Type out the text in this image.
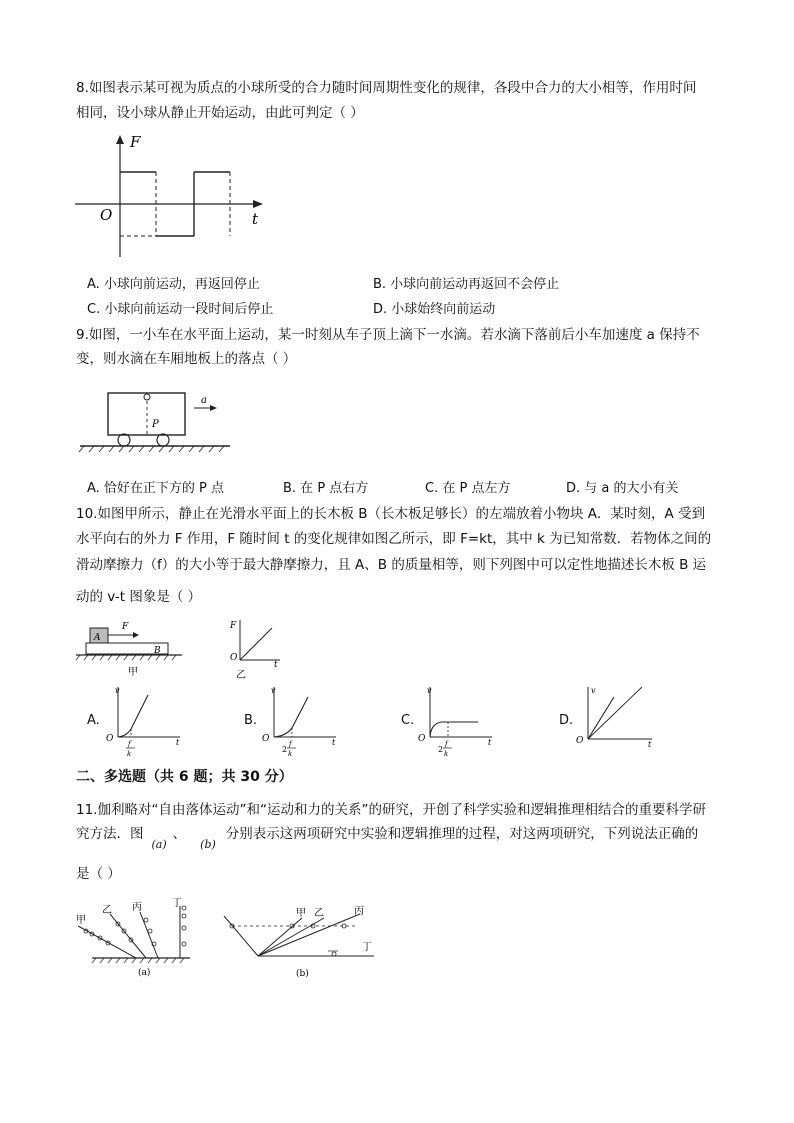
8.如图表示某可视为质点的小球所受的合力随时间周期性变化的规律，各段中合力的大小相等，作用时间
相同，设小球从静止开始运动，由此可判定（ ）
F
O	t
A. 小球向前运动，再返回停止	B. 小球向前运动再返回不会停止
C. 小球向前运动一段时间后停止	D. 小球始终向前运动
9.如图，一小车在水平面上运动，某一时刻从车子顶上滴下一水滴。若水滴下落前后小车加速度 a 保持不
变，则水滴在车厢地板上的落点（ ）
a
P
A. 恰好在正下方的 P 点	B. 在 P 点右方	C. 在 P 点左方	D. 与 a 的大小有关
10.如图甲所示，静止在光滑水平面上的长木板 B（长木板足够长）的左端放着小物块 A．某时刻，A 受到
水平向右的外力 F 作用，F 随时间 t 的变化规律如图乙所示，即 F=kt，其中 k 为已知常数．若物体之间的
滑动摩擦力（f）的大小等于最大静摩擦力，且 A、B 的质量相等，则下列图中可以定性地描述长木板 B 运
动的 v-t 图象是（ ）
A
B
F
甲
F
O
t
乙
A.
v
O	t
f
k
B.
v
O	t
2
f
k
C.
v
O	t
2
f
k
D.
v
O	t
二、多选题（共 6 题；共 30 分）
11.伽利略对“自由落体运动”和“运动和力的关系”的研究，开创了科学实验和逻辑推理相结合的重要科学研
究方法．图(a)、(b)分别表示这两项研究中实验和逻辑推理的过程，对这两项研究，下列说法正确的
是（ ）
甲
乙 丙	丁
(a)
甲 乙	丙
丁
(b)
